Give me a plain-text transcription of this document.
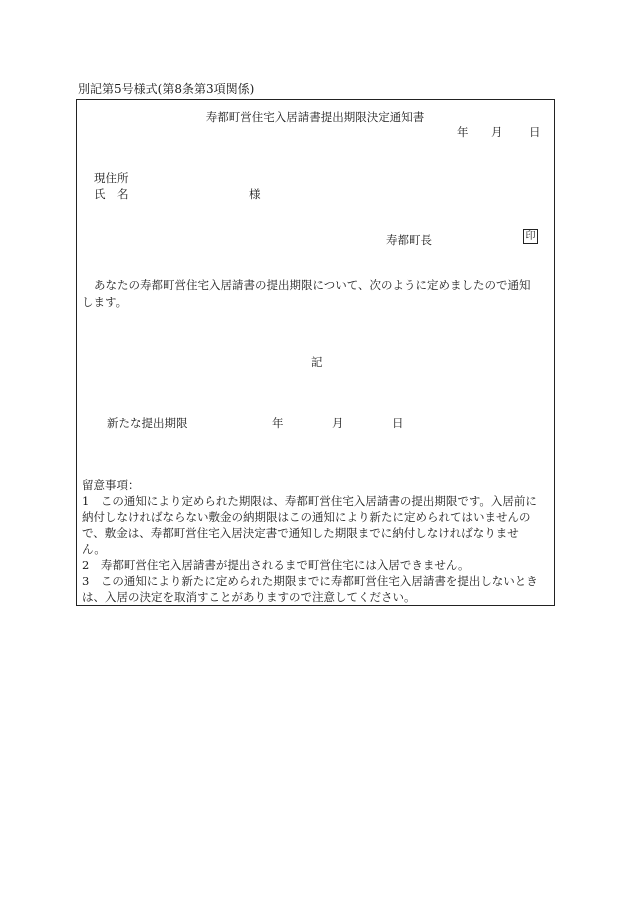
別記第5号様式(第8条第3項関係)
寿都町営住宅入居請書提出期限決定通知書
年 月 日
現住所
氏　名	様
寿都町長	印
あなたの寿都町営住宅入居請書の提出期限について、次のように定めましたので通知
します。
記
新たな提出期限	年	月	日
留意事項：
1　この通知により定められた期限は、寿都町営住宅入居請書の提出期限です。入居前に
納付しなければならない敷金の納期限はこの通知により新たに定められてはいませんの
で、敷金は、寿都町営住宅入居決定書で通知した期限までに納付しなければなりませ
ん。
2　寿都町営住宅入居請書が提出されるまで町営住宅には入居できません。
3　この通知により新たに定められた期限までに寿都町営住宅入居請書を提出しないとき
は、入居の決定を取消すことがありますので注意してください。
